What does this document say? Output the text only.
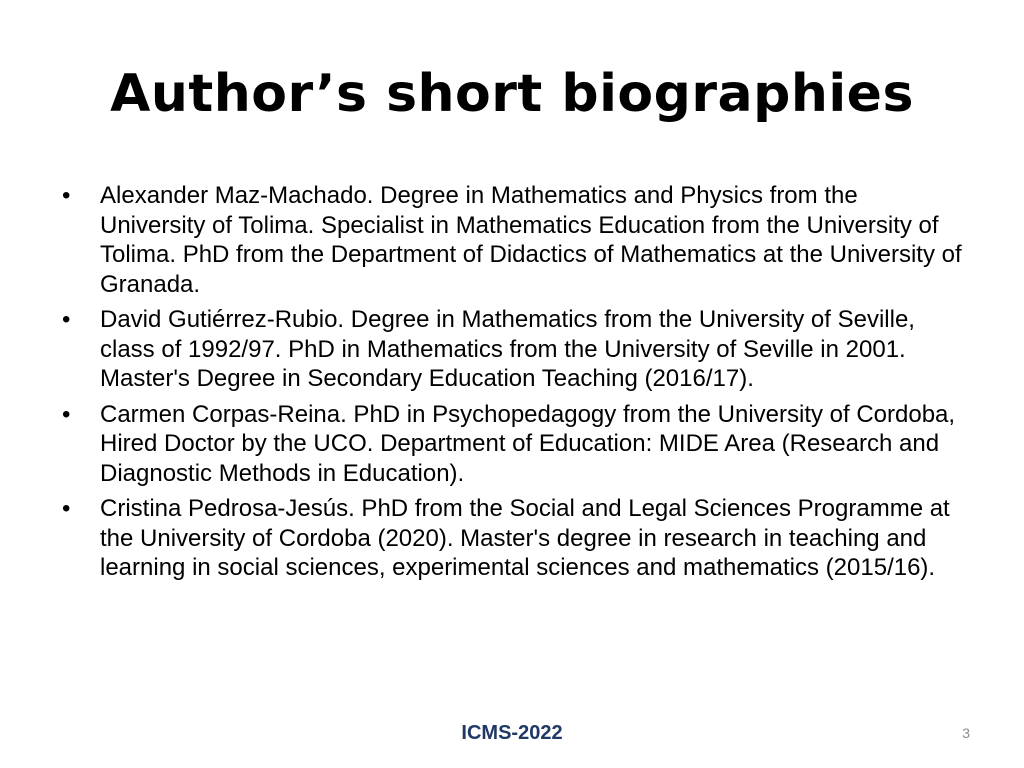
Author’s short biographies
• Alexander Maz-Machado. Degree in Mathematics and Physics from the University of Tolima. Specialist in Mathematics Education from the University of Tolima. PhD from the Department of Didactics of Mathematics at the University of Granada.
• David Gutiérrez-Rubio. Degree in Mathematics from the University of Seville, class of 1992/97. PhD in Mathematics from the University of Seville in 2001. Master's Degree in Secondary Education Teaching (2016/17).
• Carmen Corpas-Reina. PhD in Psychopedagogy from the University of Cordoba, Hired Doctor by the UCO. Department of Education: MIDE Area (Research and Diagnostic Methods in Education).
• Cristina Pedrosa-Jesús. PhD from the Social and Legal Sciences Programme at the University of Cordoba (2020). Master's degree in research in teaching and learning in social sciences, experimental sciences and mathematics (2015/16).
ICMS-2022	3
